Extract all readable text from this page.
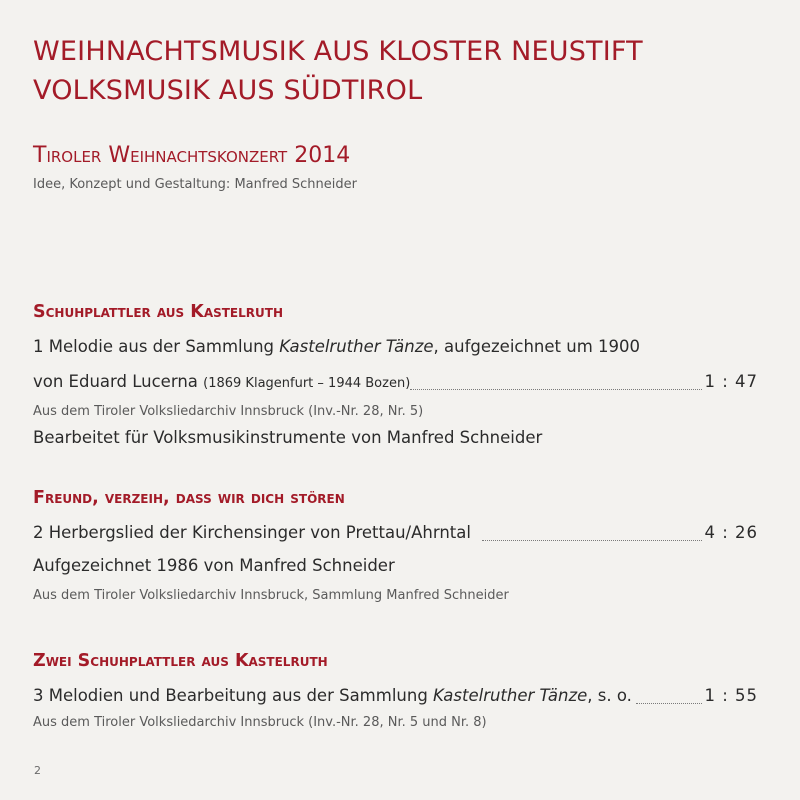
WEIHNACHTSMUSIK AUS KLOSTER NEUSTIFT
VOLKSMUSIK AUS SÜDTIROL
Tiroler Weihnachtskonzert 2014
Idee, Konzept und Gestaltung: Manfred Schneider
Schuhplattler aus Kastelruth
1 Melodie aus der Sammlung Kastelruther Tänze, aufgezeichnet um 1900
von Eduard Lucerna (1869 Klagenfurt – 1944 Bozen)	1 : 47
Aus dem Tiroler Volksliedarchiv Innsbruck (Inv.-Nr. 28, Nr. 5)
Bearbeitet für Volksmusikinstrumente von Manfred Schneider
Freund, verzeih, dass wir dich stören
2 Herbergslied der Kirchensinger von Prettau/Ahrntal	4 : 26
Aufgezeichnet 1986 von Manfred Schneider
Aus dem Tiroler Volksliedarchiv Innsbruck, Sammlung Manfred Schneider
Zwei Schuhplattler aus Kastelruth
3 Melodien und Bearbeitung aus der Sammlung Kastelruther Tänze, s. o.	1 : 55
Aus dem Tiroler Volksliedarchiv Innsbruck (Inv.-Nr. 28, Nr. 5 und Nr. 8)
2
